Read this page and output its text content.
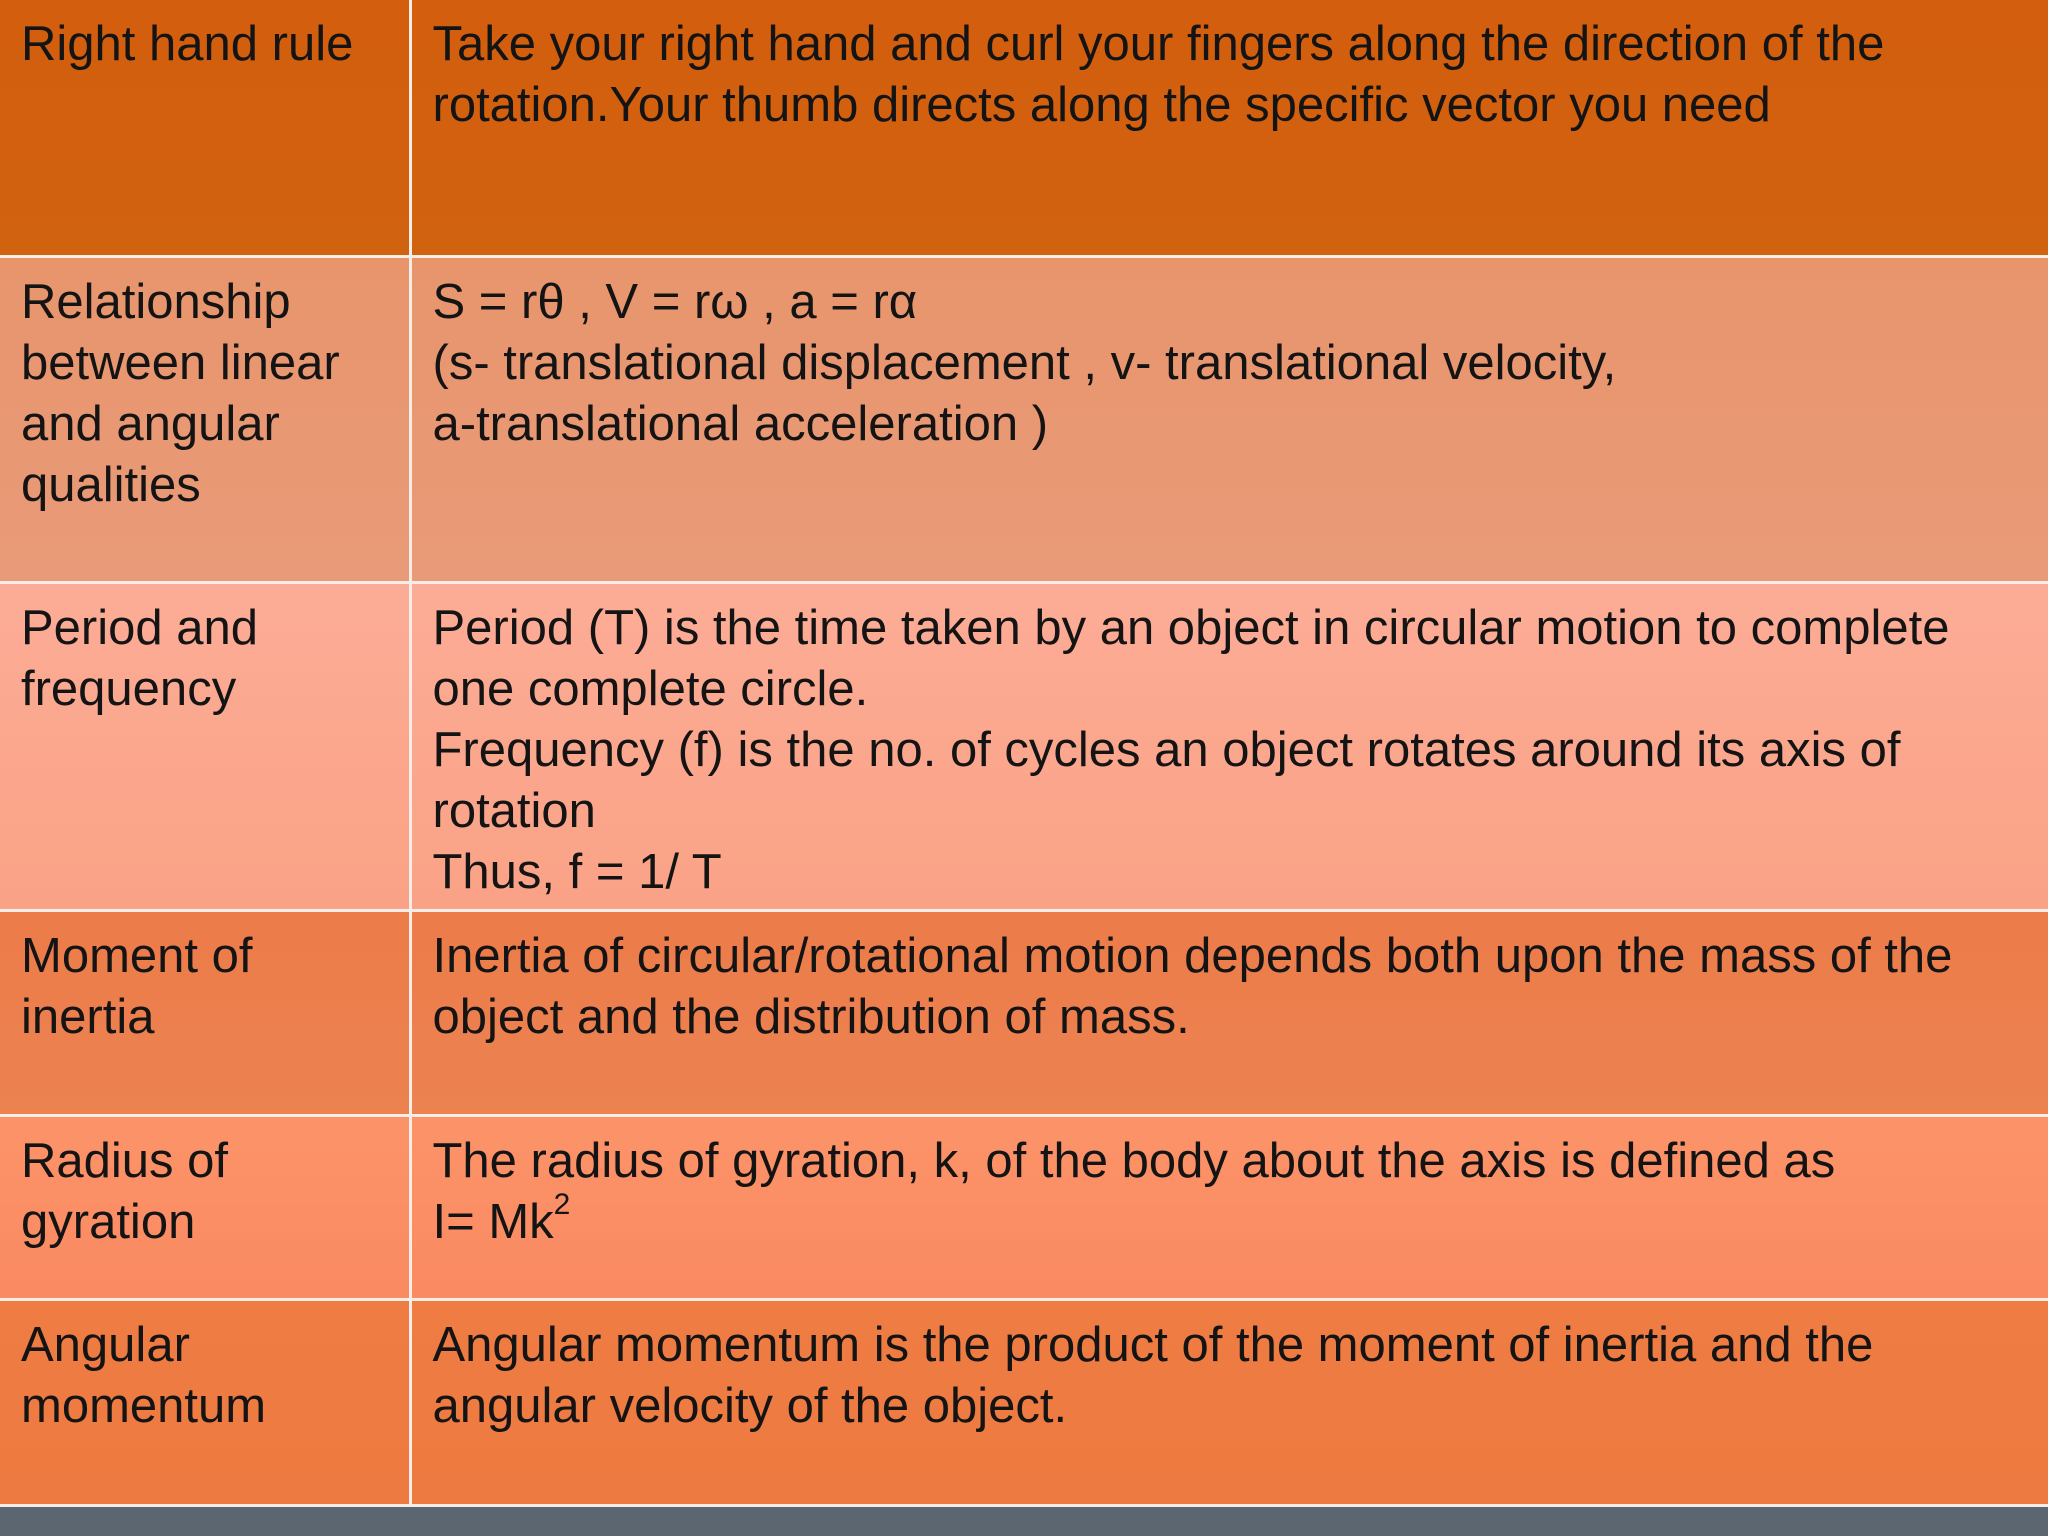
Right hand rule	Take your right hand and curl your fingers along the direction of the
rotation.Your thumb directs along the specific vector you need
Relationship
between linear
and angular
qualities	S = rθ , V = rω , a = rα
(s- translational displacement , v- translational velocity,
a-translational acceleration )
Period and
frequency	Period (T) is the time taken by an object in circular motion to complete
one complete circle.
Frequency (f) is the no. of cycles an object rotates around its axis of
rotation
Thus, f = 1/ T
Moment of
inertia	Inertia of circular/rotational motion depends both upon the mass of the
object and the distribution of mass.
Radius of
gyration	The radius of gyration, k, of the body about the axis is defined as
$I= Mk^2$
Angular
momentum	Angular momentum is the product of the moment of inertia and the
angular velocity of the object.
